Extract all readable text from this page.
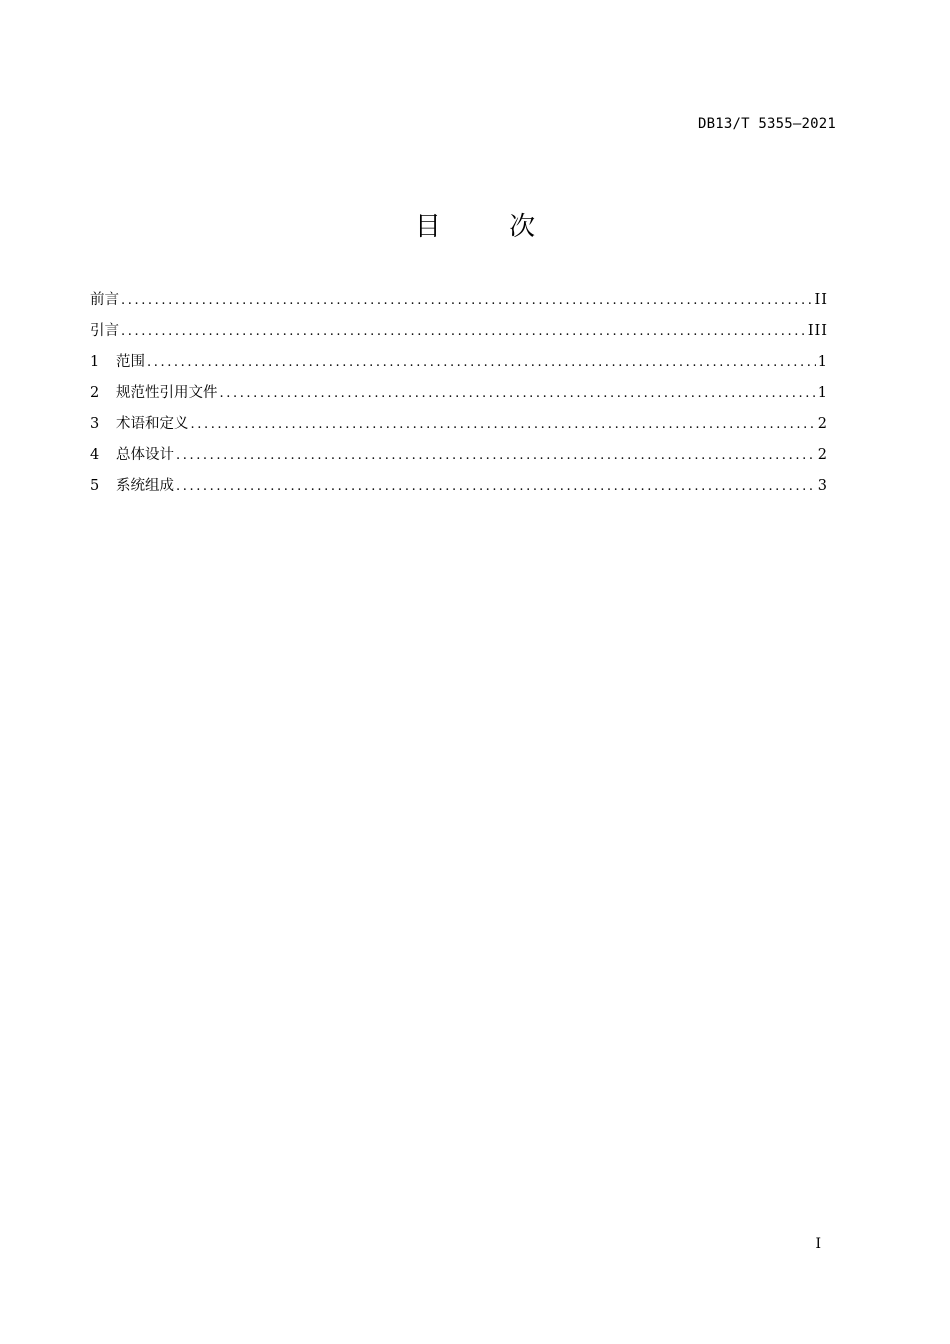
DB13/T 5355—2021
目 次
前言 .....	II
引言 .....	III
1	范围 .....	1
2	规范性引用文件 .....	1
3	术语和定义 .....	2
4	总体设计 .....	2
5	系统组成 .....	3
I
